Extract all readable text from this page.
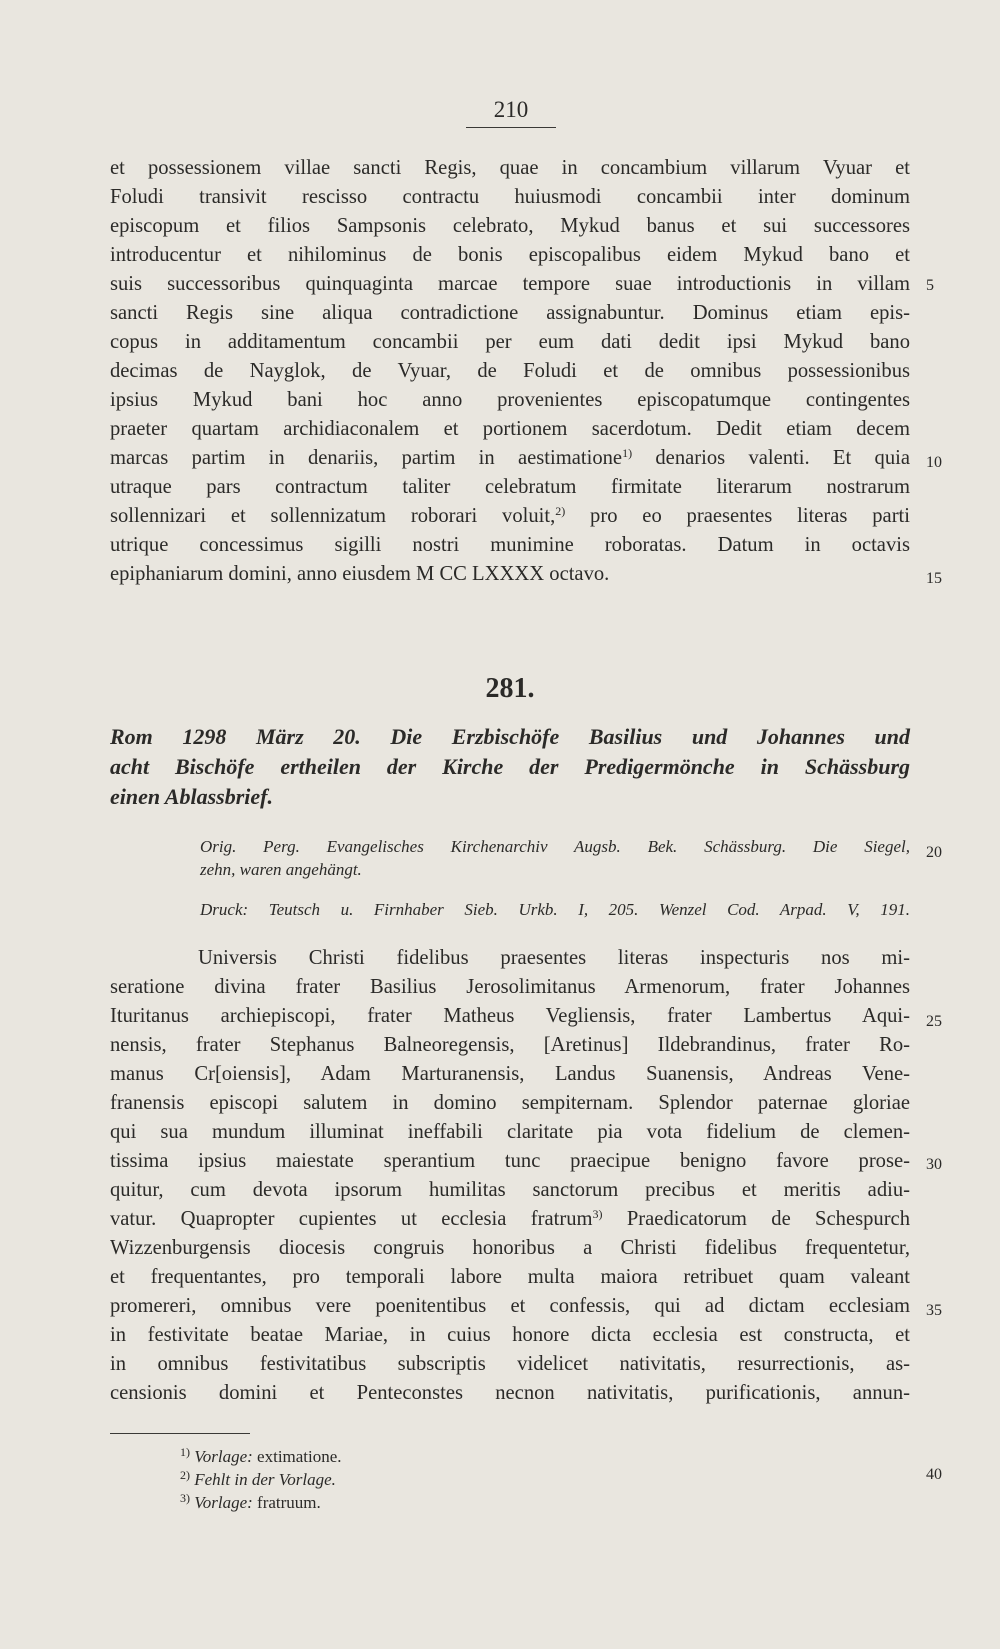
210
et possessionem villae sancti Regis, quae in concambium villarum Vyuar et
Foludi transivit rescisso contractu huiusmodi concambii inter dominum
episcopum et filios Sampsonis celebrato, Mykud banus et sui successores
introducentur et nihilominus de bonis episcopalibus eidem Mykud bano et
suis successoribus quinquaginta marcae tempore suae introductionis in villam
sancti Regis sine aliqua contradictione assignabuntur. Dominus etiam epis-
copus in additamentum concambii per eum dati dedit ipsi Mykud bano
decimas de Nayglok, de Vyuar, de Foludi et de omnibus possessionibus
ipsius Mykud bani hoc anno provenientes episcopatumque contingentes
praeter quartam archidiaconalem et portionem sacerdotum. Dedit etiam decem
marcas partim in denariis, partim in aestimatione$^{1)}$ denarios valenti. Et quia
utraque pars contractum taliter celebratum firmitate literarum nostrarum
sollennizari et sollennizatum roborari voluit,$^{2)}$ pro eo praesentes literas parti
utrique concessimus sigilli nostri munimine roboratas. Datum in octavis
epiphaniarum domini, anno eiusdem M CC LXXXX octavo.
281.
Rom 1298 März 20. Die Erzbischöfe Basilius und Johannes und
acht Bischöfe ertheilen der Kirche der Predigermönche in Schässburg
einen Ablassbrief.
Orig. Perg. Evangelisches Kirchenarchiv Augsb. Bek. Schässburg. Die Siegel,
zehn, waren angehängt.
Druck: Teutsch u. Firnhaber Sieb. Urkb. I, 205. Wenzel Cod. Arpad. V, 191.
Universis Christi fidelibus praesentes literas inspecturis nos mi-
seratione divina frater Basilius Jerosolimitanus Armenorum, frater Johannes
Ituritanus archiepiscopi, frater Matheus Vegliensis, frater Lambertus Aqui-
nensis, frater Stephanus Balneoregensis, [Aretinus] Ildebrandinus, frater Ro-
manus Cr[oiensis], Adam Marturanensis, Landus Suanensis, Andreas Vene-
franensis episcopi salutem in domino sempiternam. Splendor paternae gloriae
qui sua mundum illuminat ineffabili claritate pia vota fidelium de clemen-
tissima ipsius maiestate sperantium tunc praecipue benigno favore prose-
quitur, cum devota ipsorum humilitas sanctorum precibus et meritis adiu-
vatur. Quapropter cupientes ut ecclesia fratrum$^{3)}$ Praedicatorum de Schespurch
Wizzenburgensis diocesis congruis honoribus a Christi fidelibus frequentetur,
et frequentantes, pro temporali labore multa maiora retribuet quam valeant
promereri, omnibus vere poenitentibus et confessis, qui ad dictam ecclesiam
in festivitate beatae Mariae, in cuius honore dicta ecclesia est constructa, et
in omnibus festivitatibus subscriptis videlicet nativitatis, resurrectionis, as-
censionis domini et Penteconstes necnon nativitatis, purificationis, annun-
$^{1)}$ Vorlage: extimatione.
$^{2)}$ Fehlt in der Vorlage.
$^{3)}$ Vorlage: fratruum.
5
10
15
20
25
30
35
40
